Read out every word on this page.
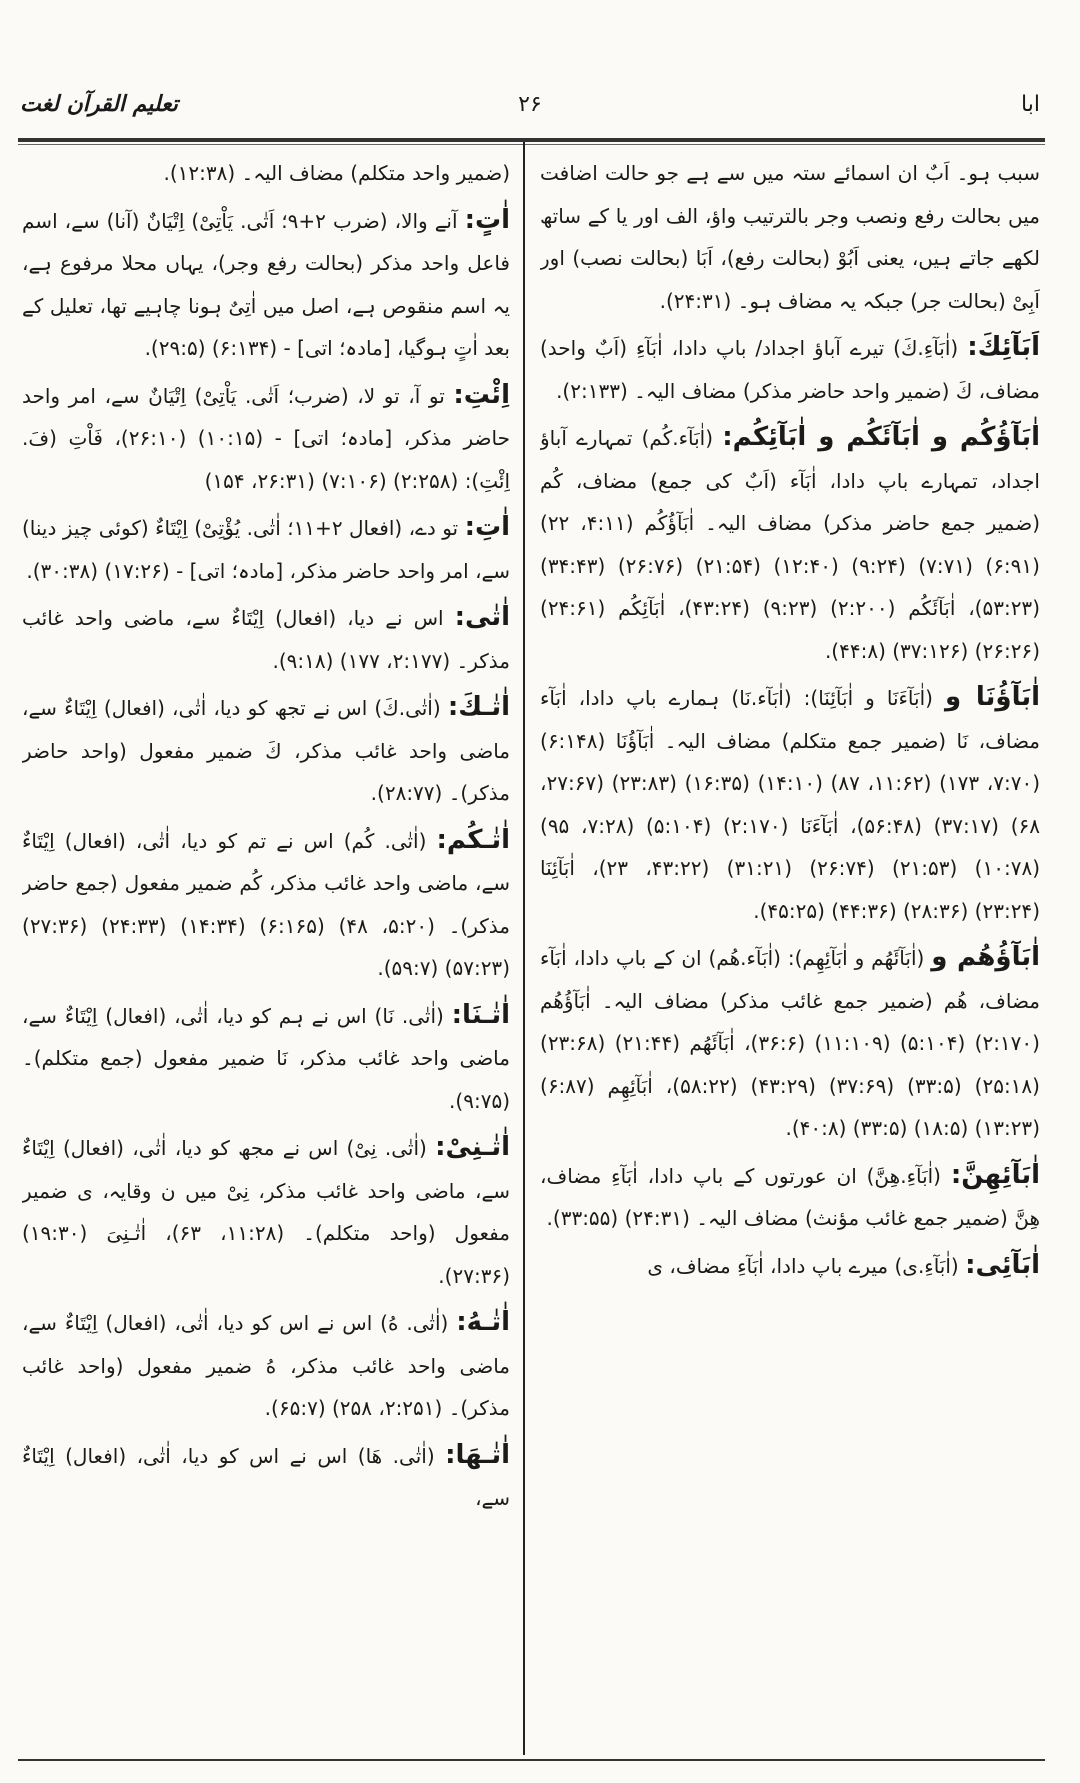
ابا
۲۶
تعلیم القرآن لغت
سبب ہو۔ اَبٌ ان اسمائے ستہ میں سے ہے جو حالت اضافت میں بحالت رفع ونصب وجر بالترتیب واؤ، الف اور یا کے ساتھ لکھے جاتے ہیں، یعنی اَبُوْ (بحالت رفع)، اَبَا (بحالت نصب) اور اَبِیْ (بحالت جر) جبکہ یہ مضاف ہو۔ (۲۴:۳۱).
اَبَآئِكَ: (اٰبَآءِ.كَ) تیرے آباؤ اجداد/ باپ دادا، اٰبَآءِ (اَبٌ واحد) مضاف، كَ (ضمیر واحد حاضر مذکر) مضاف الیہ۔ (۲:۱۳۳).
اٰبَآؤُكُم و اٰبَآئَكُم و اٰبَآئِكُم: (اٰبَآء.كُم) تمہارے آباؤ اجداد، تمہارے باپ دادا، اٰبَآء (اَبٌ کی جمع) مضاف، كُم (ضمیر جمع حاضر مذکر) مضاف الیہ۔ اٰبَآؤُكُم (۴:۱۱، ۲۲) (۶:۹۱) (۷:۷۱) (۹:۲۴) (۱۲:۴۰) (۲۱:۵۴) (۲۶:۷۶) (۳۴:۴۳) (۵۳:۲۳)، اٰبَآئَكُم (۲:۲۰۰) (۹:۲۳) (۴۳:۲۴)، اٰبَآئِكُم (۲۴:۶۱) (۲۶:۲۶) (۳۷:۱۲۶) (۴۴:۸).
اٰبَآؤُنَا و (اٰبَآءَنَا و اٰبَآئِنَا): (اٰبَآء.نَا) ہمارے باپ دادا، اٰبَآء مضاف، نَا (ضمیر جمع متکلم) مضاف الیہ۔ اٰبَآؤُنَا (۶:۱۴۸) (۷:۷۰، ۱۷۳) (۱۱:۶۲، ۸۷) (۱۴:۱۰) (۱۶:۳۵) (۲۳:۸۳) (۲۷:۶۷، ۶۸) (۳۷:۱۷) (۵۶:۴۸)، اٰبَآءَنَا (۲:۱۷۰) (۵:۱۰۴) (۷:۲۸، ۹۵) (۱۰:۷۸) (۲۱:۵۳) (۲۶:۷۴) (۳۱:۲۱) (۴۳:۲۲، ۲۳)، اٰبَآئِنَا (۲۳:۲۴) (۲۸:۳۶) (۴۴:۳۶) (۴۵:۲۵).
اٰبَآؤُهُم و (اٰبَآئَهُم و اٰبَآئِهِم): (اٰبَآء.هُم) ان کے باپ دادا، اٰبَآء مضاف، هُم (ضمیر جمع غائب مذکر) مضاف الیہ۔ اٰبَآؤُهُم (۲:۱۷۰) (۵:۱۰۴) (۱۱:۱۰۹) (۳۶:۶)، اٰبَآئَهُم (۲۱:۴۴) (۲۳:۶۸) (۲۵:۱۸) (۳۳:۵) (۳۷:۶۹) (۴۳:۲۹) (۵۸:۲۲)، اٰبَآئِهِم (۶:۸۷) (۱۳:۲۳) (۱۸:۵) (۳۳:۵) (۴۰:۸).
اٰبَآئِهِنَّ: (اٰبَآءِ.هِنَّ) ان عورتوں کے باپ دادا، اٰبَآءِ مضاف، هِنَّ (ضمیر جمع غائب مؤنث) مضاف الیہ۔ (۲۴:۳۱) (۳۳:۵۵).
اٰبَآئِی: (اٰبَآءِ.ی) میرے باپ دادا، اٰبَآءِ مضاف، ی
(ضمیر واحد متکلم) مضاف الیہ۔ (۱۲:۳۸).
اٰتٍ: آنے والا، (ضرب ۲+۹؛ اَتٰی. یَاْتِیْ) اِتْیَانٌ (آنا) سے، اسم فاعل واحد مذکر (بحالت رفع وجر)، یہاں محلا مرفوع ہے، یہ اسم منقوص ہے، اصل میں اٰتِیٌ ہونا چاہیے تھا، تعلیل کے بعد اٰتٍ ہوگیا، [مادہ؛ اتی] - (۶:۱۳۴) (۲۹:۵).
اِئْتِ: تو آ، تو لا، (ضرب؛ اَتٰی. یَاْتِیْ) اِتْیَانٌ سے، امر واحد حاضر مذکر، [مادہ؛ اتی] - (۱۰:۱۵) (۲۶:۱۰)، فَاْتِ (فَ. اِئْتِ): (۲:۲۵۸) (۷:۱۰۶) (۲۶:۳۱، ۱۵۴)
اٰتِ: تو دے، (افعال ۲+۱۱؛ اٰتٰی. یُؤْتِیْ) اِیْتَاءٌ (کوئی چیز دینا) سے، امر واحد حاضر مذکر، [مادہ؛ اتی] - (۱۷:۲۶) (۳۰:۳۸).
اٰتٰی: اس نے دیا، (افعال) اِیْتَاءٌ سے، ماضی واحد غائب مذکر۔ (۲:۱۷۷، ۱۷۷) (۹:۱۸).
اٰتٰـكَ: (اٰتٰی.كَ) اس نے تجھ کو دیا، اٰتٰی، (افعال) اِیْتَاءٌ سے، ماضی واحد غائب مذکر، كَ ضمیر مفعول (واحد حاضر مذکر)۔ (۲۸:۷۷).
اٰتٰـكُم: (اٰتٰی. كُم) اس نے تم کو دیا، اٰتٰی، (افعال) اِیْتَاءٌ سے، ماضی واحد غائب مذکر، كُم ضمیر مفعول (جمع حاضر مذکر)۔ (۵:۲۰، ۴۸) (۶:۱۶۵) (۱۴:۳۴) (۲۴:۳۳) (۲۷:۳۶) (۵۷:۲۳) (۵۹:۷).
اٰتٰـنَا: (اٰتٰی. نَا) اس نے ہم کو دیا، اٰتٰی، (افعال) اِیْتَاءٌ سے، ماضی واحد غائب مذکر، نَا ضمیر مفعول (جمع متکلم)۔ (۹:۷۵).
اٰتٰـنِیْ: (اٰتٰی. نِیْ) اس نے مجھ کو دیا، اٰتٰی، (افعال) اِیْتَاءٌ سے، ماضی واحد غائب مذکر، نِیْ میں ن وقایہ، ی ضمیر مفعول (واحد متکلم)۔ (۱۱:۲۸، ۶۳)، اٰتٰـنِیَ (۱۹:۳۰) (۲۷:۳۶).
اٰتٰـهُ: (اٰتٰی. هُ) اس نے اس کو دیا، اٰتٰی، (افعال) اِیْتَاءٌ سے، ماضی واحد غائب مذکر، هُ ضمیر مفعول (واحد غائب مذکر)۔ (۲:۲۵۱، ۲۵۸) (۶۵:۷).
اٰتٰـهَا: (اٰتٰی. هَا) اس نے اس کو دیا، اٰتٰی، (افعال) اِیْتَاءٌ سے،
